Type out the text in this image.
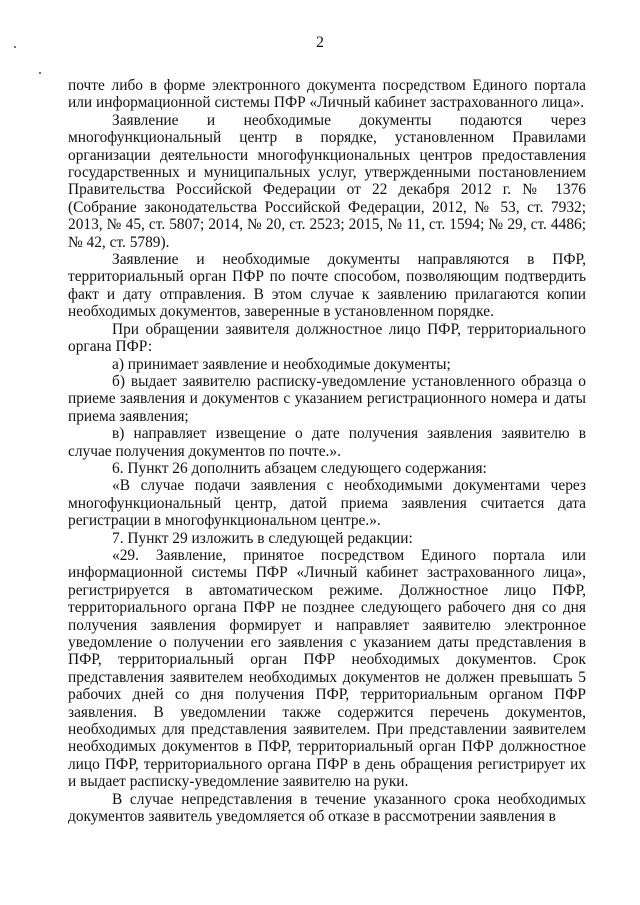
2

почте либо в форме электронного документа посредством Единого портала или информационной системы ПФР «Личный кабинет застрахованного лица».

Заявление и необходимые документы подаются через многофункциональный центр в порядке, установленном Правилами организации деятельности многофункциональных центров предоставления государственных и муниципальных услуг, утвержденными постановлением Правительства Российской Федерации от 22 декабря 2012 г. № 1376 (Собрание законодательства Российской Федерации, 2012, № 53, ст. 7932; 2013, № 45, ст. 5807; 2014, № 20, ст. 2523; 2015, № 11, ст. 1594; № 29, ст. 4486; № 42, ст. 5789).

Заявление и необходимые документы направляются в ПФР, территориальный орган ПФР по почте способом, позволяющим подтвердить факт и дату отправления. В этом случае к заявлению прилагаются копии необходимых документов, заверенные в установленном порядке.

При обращении заявителя должностное лицо ПФР, территориального органа ПФР:

а) принимает заявление и необходимые документы;

б) выдает заявителю расписку-уведомление установленного образца о приеме заявления и документов с указанием регистрационного номера и даты приема заявления;

в) направляет извещение о дате получения заявления заявителю в случае получения документов по почте.».

6. Пункт 26 дополнить абзацем следующего содержания:

«В случае подачи заявления с необходимыми документами через многофункциональный центр, датой приема заявления считается дата регистрации в многофункциональном центре.».

7. Пункт 29 изложить в следующей редакции:

«29. Заявление, принятое посредством Единого портала или информационной системы ПФР «Личный кабинет застрахованного лица», регистрируется в автоматическом режиме. Должностное лицо ПФР, территориального органа ПФР не позднее следующего рабочего дня со дня получения заявления формирует и направляет заявителю электронное уведомление о получении его заявления с указанием даты представления в ПФР, территориальный орган ПФР необходимых документов. Срок представления заявителем необходимых документов не должен превышать 5 рабочих дней со дня получения ПФР, территориальным органом ПФР заявления. В уведомлении также содержится перечень документов, необходимых для представления заявителем. При представлении заявителем необходимых документов в ПФР, территориальный орган ПФР должностное лицо ПФР, территориального органа ПФР в день обращения регистрирует их и выдает расписку-уведомление заявителю на руки.

В случае непредставления в течение указанного срока необходимых документов заявитель уведомляется об отказе в рассмотрении заявления в
